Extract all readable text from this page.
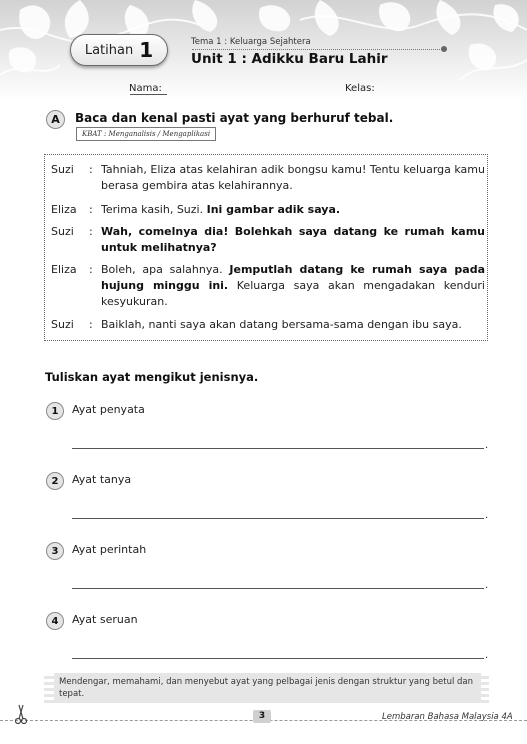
Latihan 1	Tema 1 : Keluarga Sejahtera
Unit 1 : Adikku Baru Lahir
Nama:	Kelas:
A	Baca dan kenal pasti ayat yang berhuruf tebal.
KBAT : Menganalisis / Mengaplikasi
Suzi	: Tahniah, Eliza atas kelahiran adik bongsu kamu! Tentu keluarga kamu berasa gembira atas kelahirannya.
Eliza	: Terima kasih, Suzi. Ini gambar adik saya.
Suzi	: Wah, comelnya dia! Bolehkah saya datang ke rumah kamu untuk melihatnya?
Eliza	: Boleh, apa salahnya. Jemputlah datang ke rumah saya pada hujung minggu ini. Keluarga saya akan mengadakan kenduri kesyukuran.
Suzi	: Baiklah, nanti saya akan datang bersama-sama dengan ibu saya.
Tuliskan ayat mengikut jenisnya.
1	Ayat penyata
.
2	Ayat tanya
.
3	Ayat perintah
.
4	Ayat seruan
.
Mendengar, memahami, dan menyebut ayat yang pelbagai jenis dengan struktur yang betul dan tepat.
3	Lembaran Bahasa Malaysia 4A
